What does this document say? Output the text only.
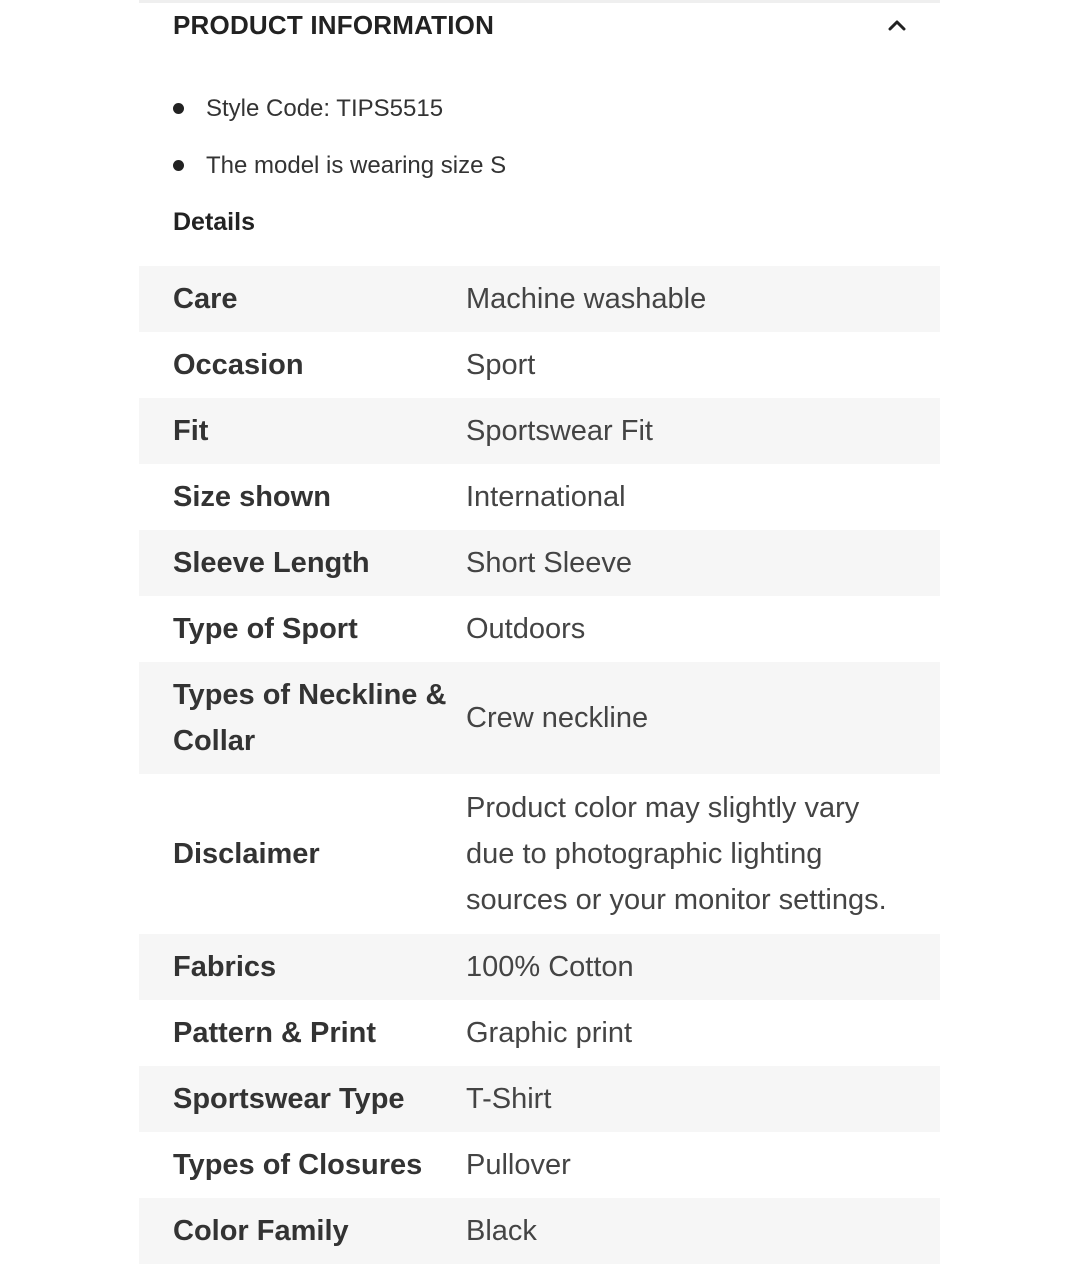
PRODUCT INFORMATION
Style Code: TIPS5515
The model is wearing size S
Details
Care	Machine washable
Occasion	Sport
Fit	Sportswear Fit
Size shown	International
Sleeve Length	Short Sleeve
Type of Sport	Outdoors
Types of Neckline & Collar	Crew neckline
Disclaimer	Product color may slightly vary due to photographic lighting sources or your monitor settings.
Fabrics	100% Cotton
Pattern & Print	Graphic print
Sportswear Type	T-Shirt
Types of Closures	Pullover
Color Family	Black
